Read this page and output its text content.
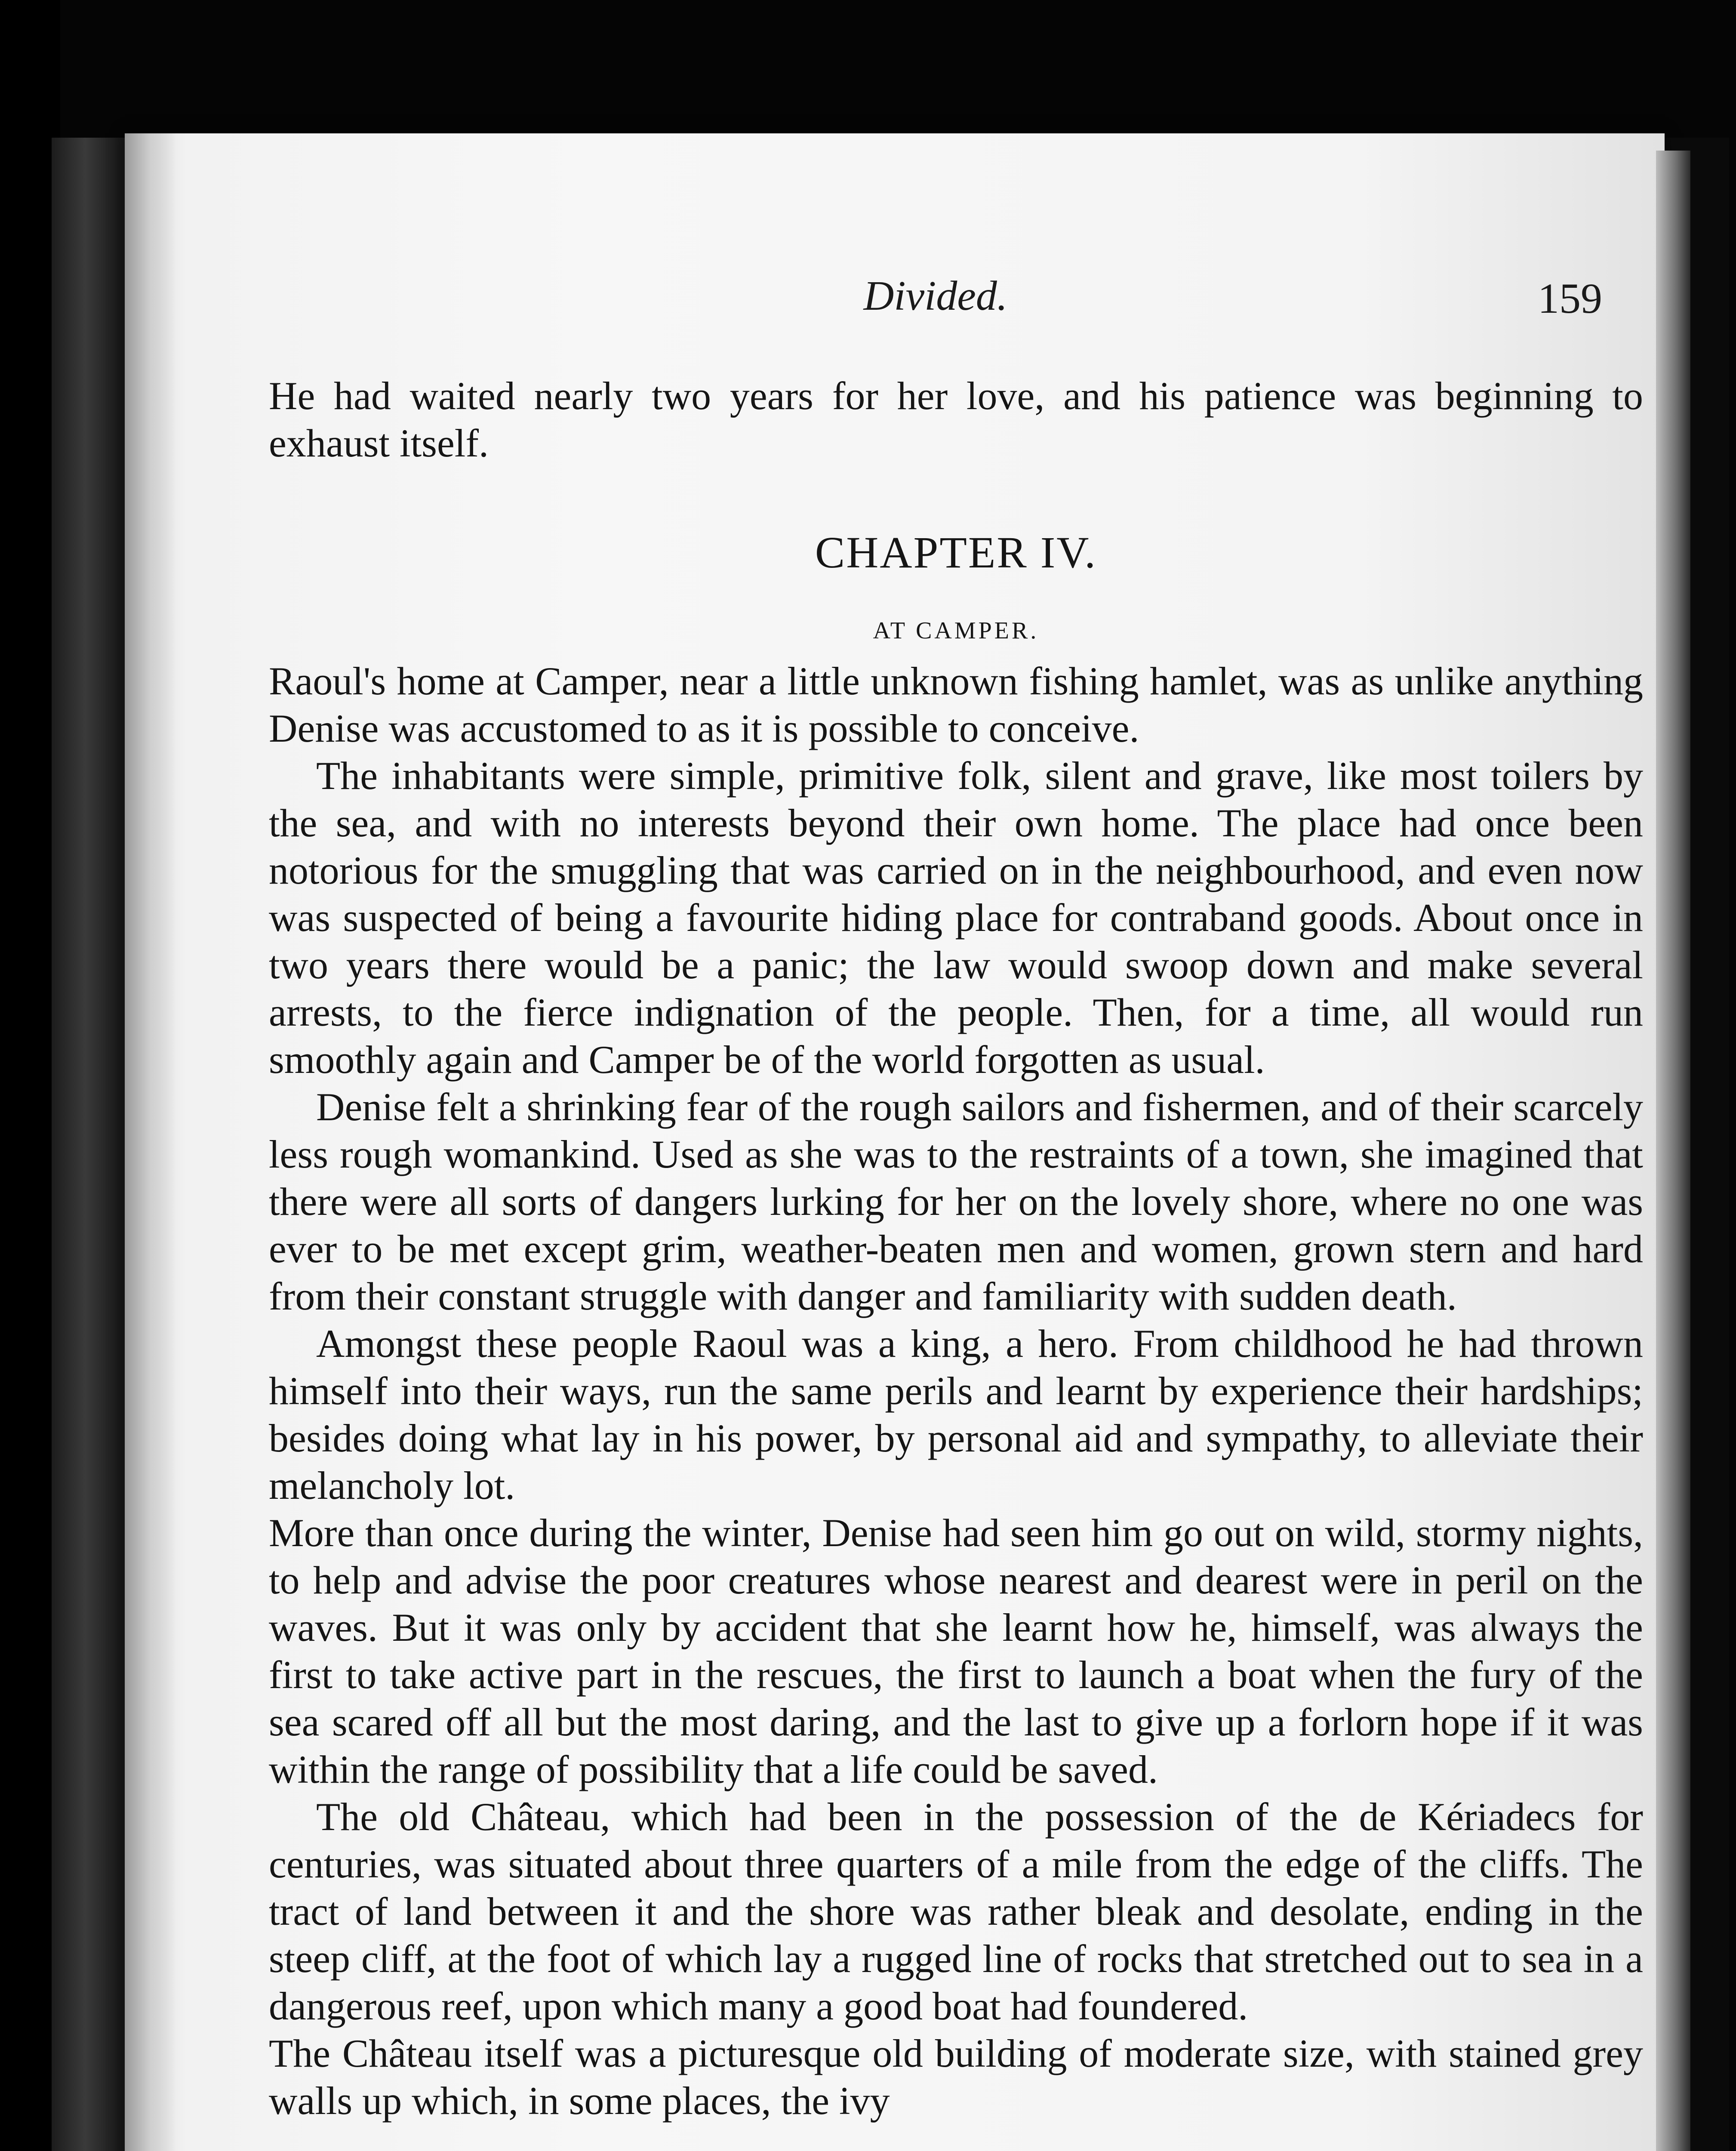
Divided.	159

He had waited nearly two years for her love, and his patience was beginning to exhaust itself.

CHAPTER IV.
AT CAMPER.

Raoul's home at Camper, near a little unknown fishing hamlet, was as unlike anything Denise was accustomed to as it is possible to conceive.

The inhabitants were simple, primitive folk, silent and grave, like most toilers by the sea, and with no interests beyond their own home. The place had once been notorious for the smuggling that was carried on in the neighbourhood, and even now was suspected of being a favourite hiding place for contraband goods. About once in two years there would be a panic; the law would swoop down and make several arrests, to the fierce indignation of the people. Then, for a time, all would run smoothly again and Camper be of the world forgotten as usual.

Denise felt a shrinking fear of the rough sailors and fishermen, and of their scarcely less rough womankind. Used as she was to the restraints of a town, she imagined that there were all sorts of dangers lurking for her on the lovely shore, where no one was ever to be met except grim, weather-beaten men and women, grown stern and hard from their constant struggle with danger and familiarity with sudden death.

Amongst these people Raoul was a king, a hero. From childhood he had thrown himself into their ways, run the same perils and learnt by experience their hardships; besides doing what lay in his power, by personal aid and sympathy, to alleviate their melancholy lot.

More than once during the winter, Denise had seen him go out on wild, stormy nights, to help and advise the poor creatures whose nearest and dearest were in peril on the waves. But it was only by accident that she learnt how he, himself, was always the first to take active part in the rescues, the first to launch a boat when the fury of the sea scared off all but the most daring, and the last to give up a forlorn hope if it was within the range of possibility that a life could be saved.

The old Château, which had been in the possession of the de Kériadecs for centuries, was situated about three quarters of a mile from the edge of the cliffs. The tract of land between it and the shore was rather bleak and desolate, ending in the steep cliff, at the foot of which lay a rugged line of rocks that stretched out to sea in a dangerous reef, upon which many a good boat had foundered.

The Château itself was a picturesque old building of moderate size, with stained grey walls up which, in some places, the ivy
